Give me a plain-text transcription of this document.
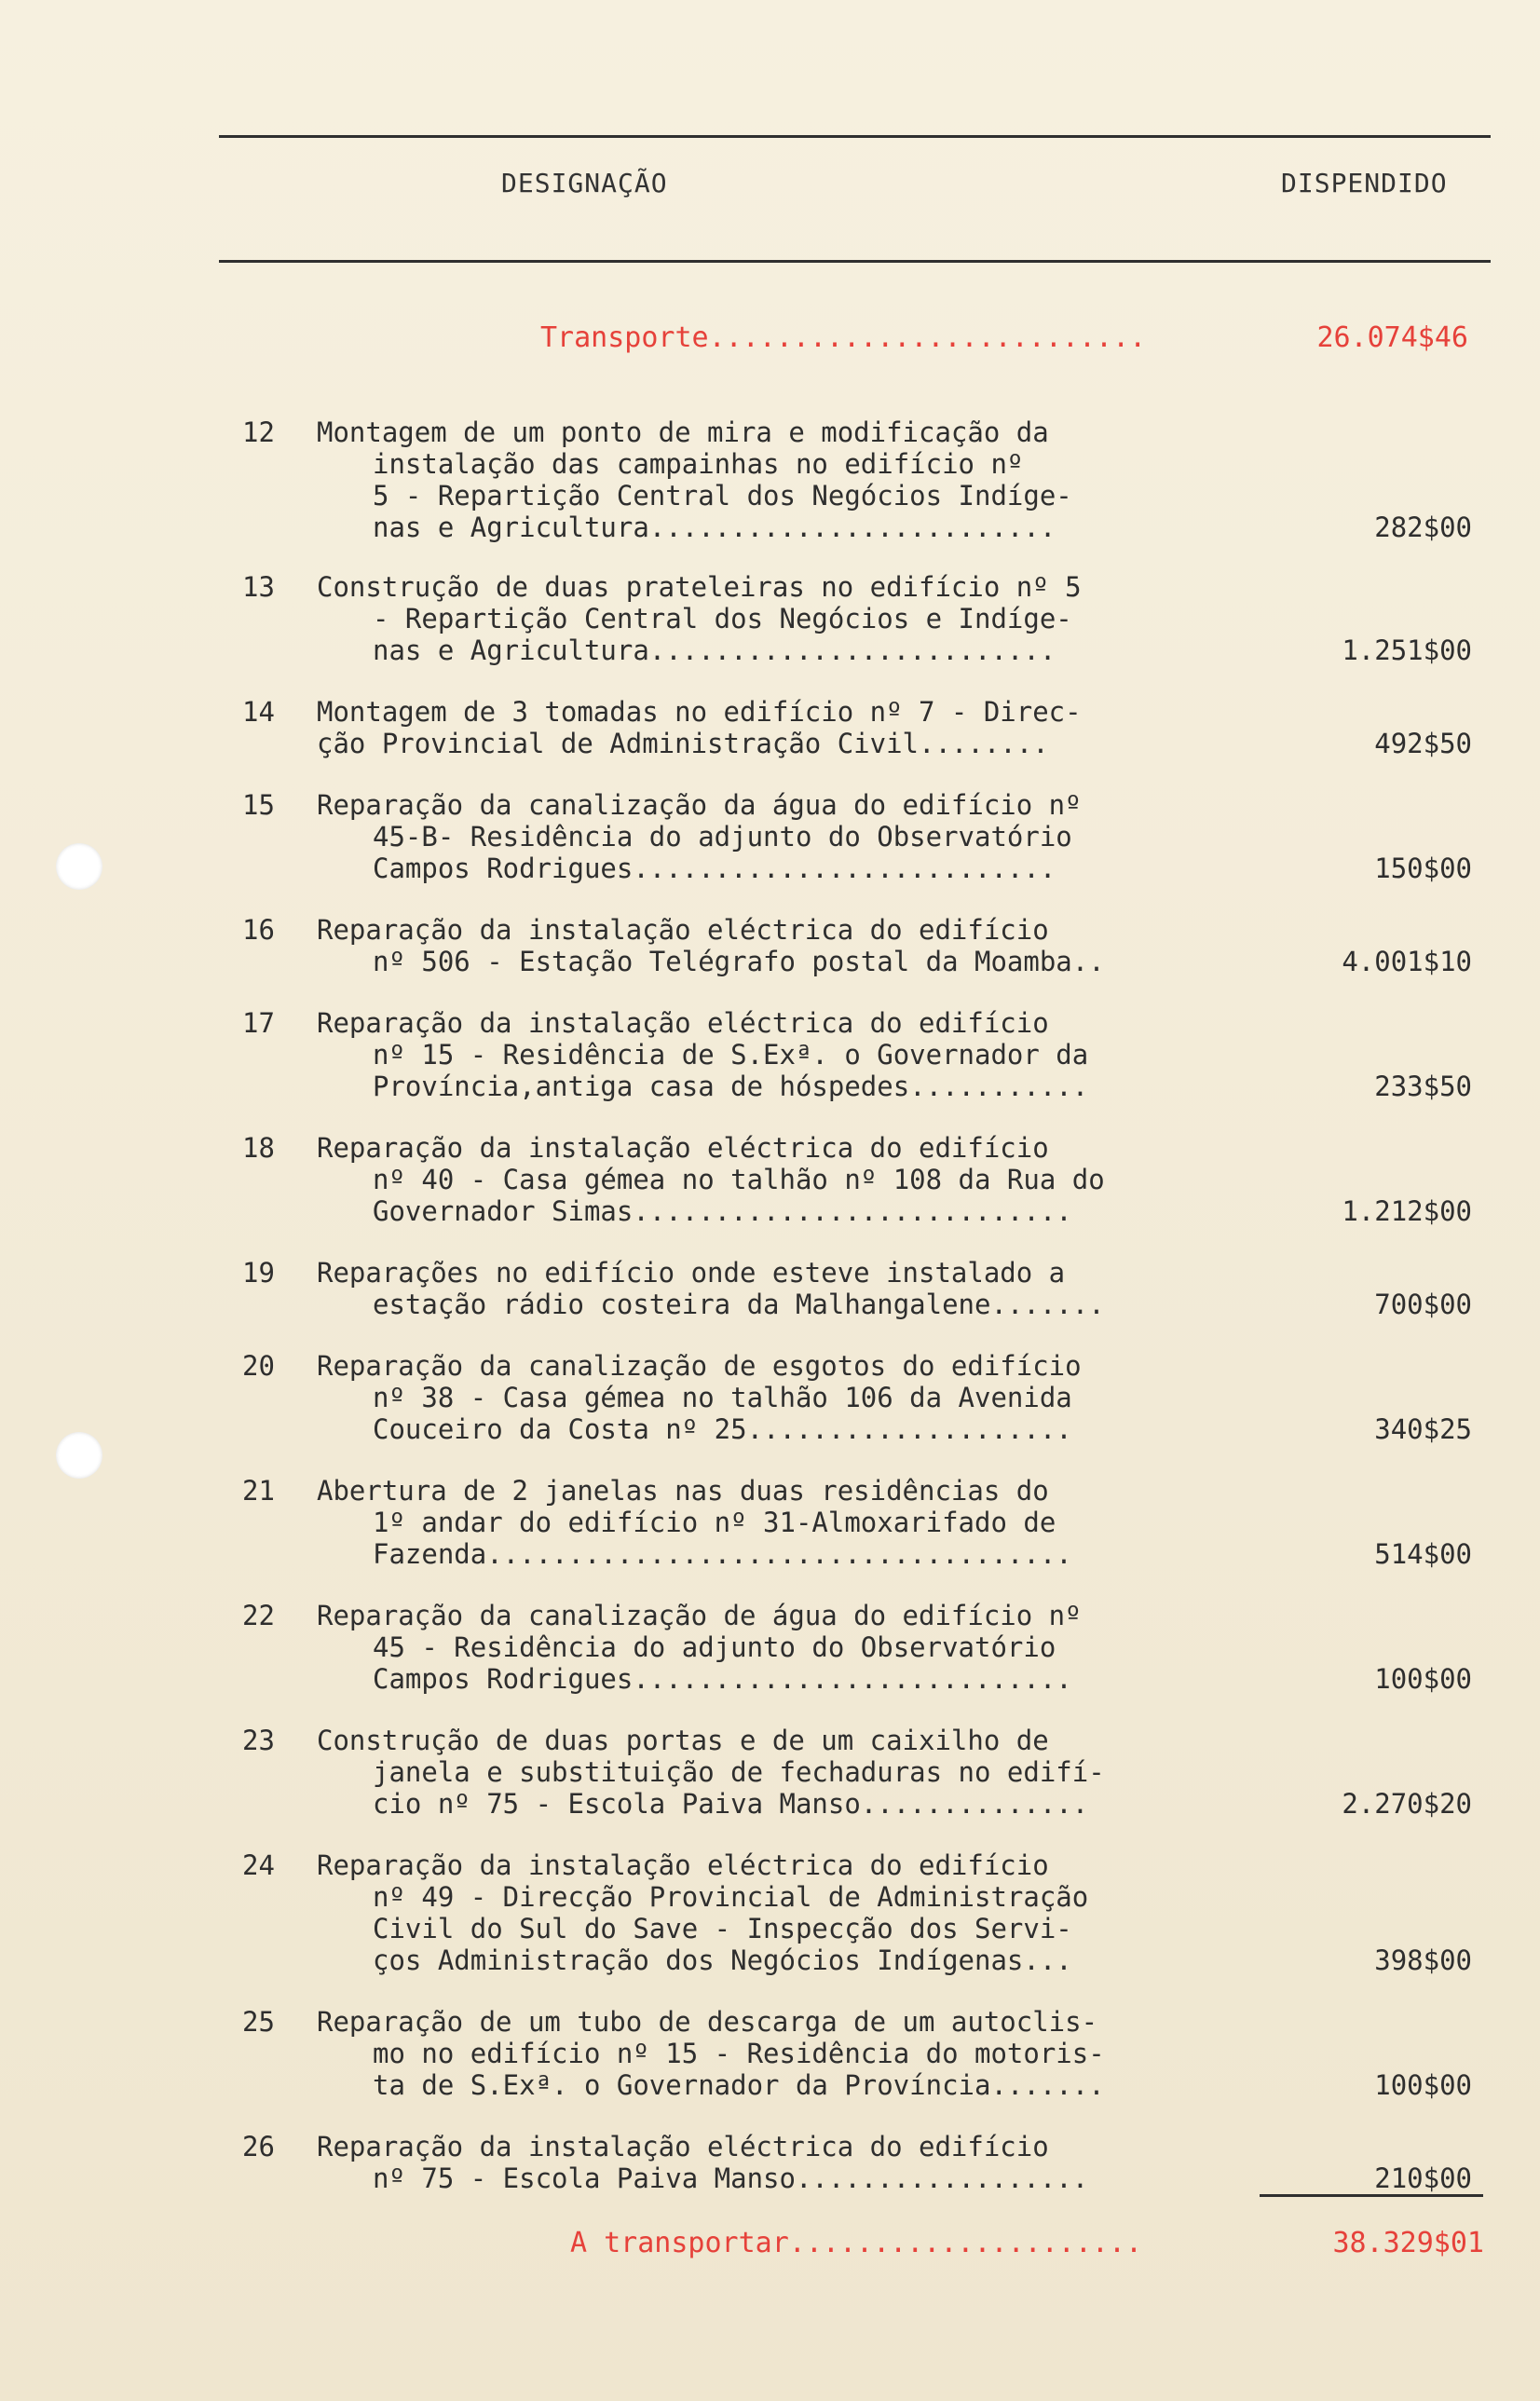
DESIGNAÇÃO	DISPENDIDO
Transporte..........................	26.074$46
12 Montagem de um ponto de mira e modificação da
instalação das campainhas no edifício nº
5 - Repartição Central dos Negócios Indíge-
nas e Agricultura.........................	282$00
13 Construção de duas prateleiras no edifício nº 5
- Repartição Central dos Negócios e Indíge-
nas e Agricultura.........................	1.251$00
14 Montagem de 3 tomadas no edifício nº 7 - Direc-
ção Provincial de Administração Civil........	492$50
15 Reparação da canalização da água do edifício nº
45-B- Residência do adjunto do Observatório
Campos Rodrigues..........................	150$00
16 Reparação da instalação eléctrica do edifício
nº 506 - Estação Telégrafo postal da Moamba..	4.001$10
17 Reparação da instalação eléctrica do edifício
nº 15 - Residência de S.Exª. o Governador da
Província,antiga casa de hóspedes...........	233$50
18 Reparação da instalação eléctrica do edifício
nº 40 - Casa gémea no talhão nº 108 da Rua do
Governador Simas...........................	1.212$00
19 Reparações no edifício onde esteve instalado a
estação rádio costeira da Malhangalene.......	700$00
20 Reparação da canalização de esgotos do edifício
nº 38 - Casa gémea no talhão 106 da Avenida
Couceiro da Costa nº 25....................	340$25
21 Abertura de 2 janelas nas duas residências do
1º andar do edifício nº 31-Almoxarifado de
Fazenda....................................	514$00
22 Reparação da canalização de água do edifício nº
45 - Residência do adjunto do Observatório
Campos Rodrigues...........................	100$00
23 Construção de duas portas e de um caixilho de
janela e substituição de fechaduras no edifí-
cio nº 75 - Escola Paiva Manso..............	2.270$20
24 Reparação da instalação eléctrica do edifício
nº 49 - Direcção Provincial de Administração
Civil do Sul do Save - Inspecção dos Servi-
ços Administração dos Negócios Indígenas...	398$00
25 Reparação de um tubo de descarga de um autoclis-
mo no edifício nº 15 - Residência do motoris-
ta de S.Exª. o Governador da Província.......	100$00
26 Reparação da instalação eléctrica do edifício
nº 75 - Escola Paiva Manso..................	210$00
A transportar.....................	38.329$01
